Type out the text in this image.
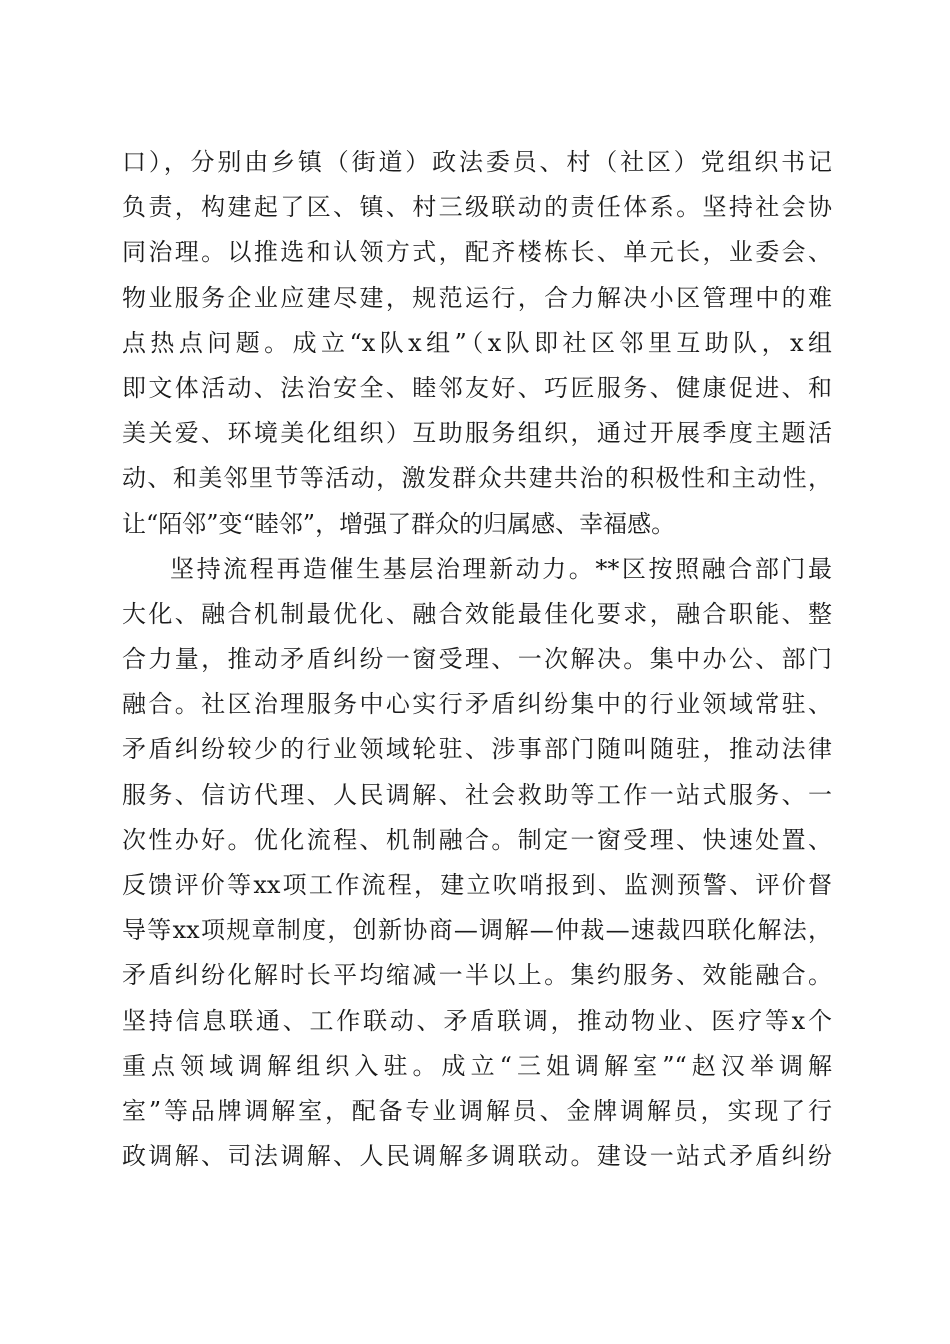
口），分别由乡镇（街道）政法委员、村（社区）党组织书记
负责，构建起了区、镇、村三级联动的责任体系。坚持社会协
同治理。以推选和认领方式，配齐楼栋长、单元长，业委会、
物业服务企业应建尽建，规范运行，合力解决小区管理中的难
点热点问题。成立“x队x组”（x队即社区邻里互助队，x组
即文体活动、法治安全、睦邻友好、巧匠服务、健康促进、和
美关爱、环境美化组织）互助服务组织，通过开展季度主题活
动、和美邻里节等活动，激发群众共建共治的积极性和主动性，
让“陌邻”变“睦邻”，增强了群众的归属感、幸福感。
坚持流程再造催生基层治理新动力。**区按照融合部门最
大化、融合机制最优化、融合效能最佳化要求，融合职能、整
合力量，推动矛盾纠纷一窗受理、一次解决。集中办公、部门
融合。社区治理服务中心实行矛盾纠纷集中的行业领域常驻、
矛盾纠纷较少的行业领域轮驻、涉事部门随叫随驻，推动法律
服务、信访代理、人民调解、社会救助等工作一站式服务、一
次性办好。优化流程、机制融合。制定一窗受理、快速处置、
反馈评价等xx项工作流程，建立吹哨报到、监测预警、评价督
导等xx项规章制度，创新协商—调解—仲裁—速裁四联化解法，
矛盾纠纷化解时长平均缩减一半以上。集约服务、效能融合。
坚持信息联通、工作联动、矛盾联调，推动物业、医疗等x个
重点领域调解组织入驻。成立“三姐调解室”“赵汉举调解
室”等品牌调解室，配备专业调解员、金牌调解员，实现了行
政调解、司法调解、人民调解多调联动。建设一站式矛盾纠纷
